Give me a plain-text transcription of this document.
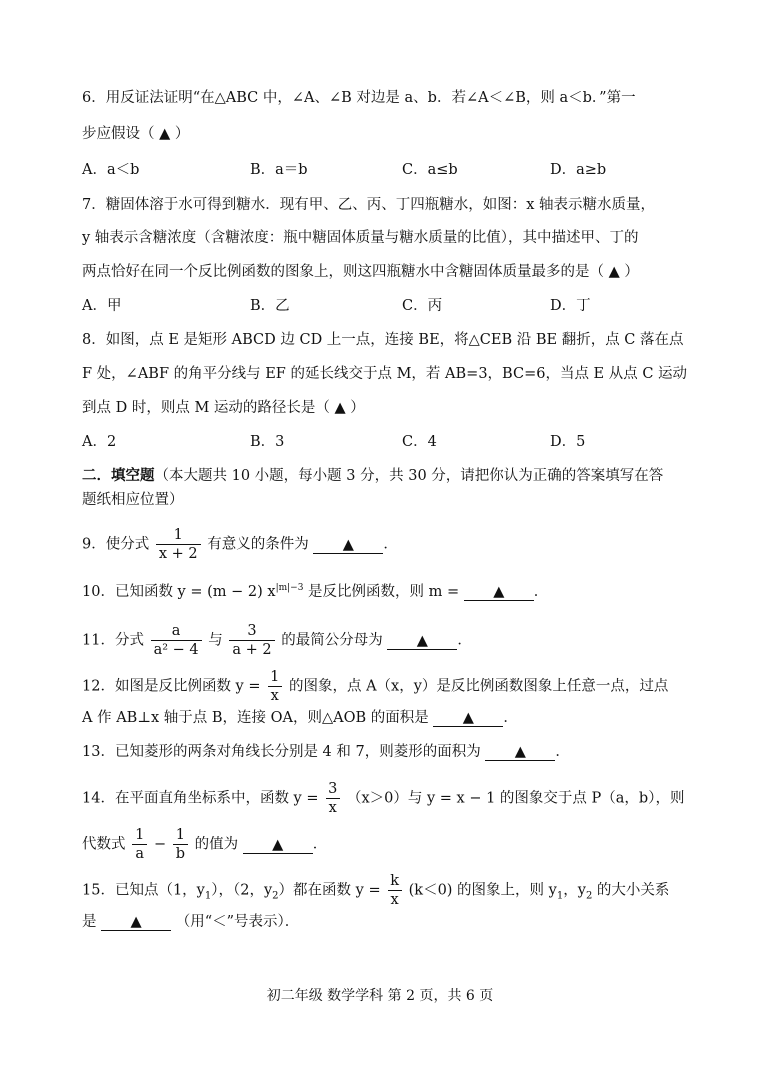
6．用反证法证明“在△ABC 中，∠A、∠B 对边是 a、b．若∠A＜∠B，则 a＜b．”第一
步应假设（ ▲ ）
A．a＜b	B．a＝b	C．a≤b	D．a≥b
7．糖固体溶于水可得到糖水．现有甲、乙、丙、丁四瓶糖水，如图：x 轴表示糖水质量，
y 轴表示含糖浓度（含糖浓度：瓶中糖固体质量与糖水质量的比值），其中描述甲、丁的
两点恰好在同一个反比例函数的图象上，则这四瓶糖水中含糖固体质量最多的是（ ▲ ）
A．甲	B．乙	C．丙	D．丁
8．如图，点 E 是矩形 ABCD 边 CD 上一点，连接 BE，将△CEB 沿 BE 翻折，点 C 落在点
F 处，∠ABF 的角平分线与 EF 的延长线交于点 M，若 AB=3，BC=6，当点 E 从点 C 运动
到点 D 时，则点 M 运动的路径长是（ ▲ ）
A．2	B．3	C．4	D．5
二．填空题（本大题共 10 小题，每小题 3 分，共 30 分，请把你认为正确的答案填写在答
题纸相应位置）
9．使分式 $\frac{1}{x + 2}$ 有意义的条件为 ▲ ．
10．已知函数 y = (m − 2) $x^{|m|-3}$ 是反比例函数，则 m = ▲ ．
11．分式 $\frac{a}{\text{a² − 4}}$ 与 $\frac{3}{a + 2}$ 的最简公分母为 ▲ ．
12．如图是反比例函数 $y = \frac{1}{x}$ 的图象，点 A（x，y）是反比例函数图象上任意一点，过点
A 作 AB⊥x 轴于点 B，连接 OA，则△AOB 的面积是 ▲ ．
13．已知菱形的两条对角线长分别是 4 和 7，则菱形的面积为 ▲ ．
14．在平面直角坐标系中，函数 $y = \frac{3}{x} (x>0)$与 y = x − 1 的图象交于点 P（a，b），则
代数式 $\frac{1}{a} - \frac{1}{b}$ 的值为 ▲ ．
15．已知点（1，$y_1$），（2，$y_2$）都在函数 $y = \frac{k}{x} (k<0)$ 的图象上，则 $y_1$，$y_2$ 的大小关系
是 ▲ （用“＜”号表示）．
初二年级 数学学科 第 2 页，共 6 页
